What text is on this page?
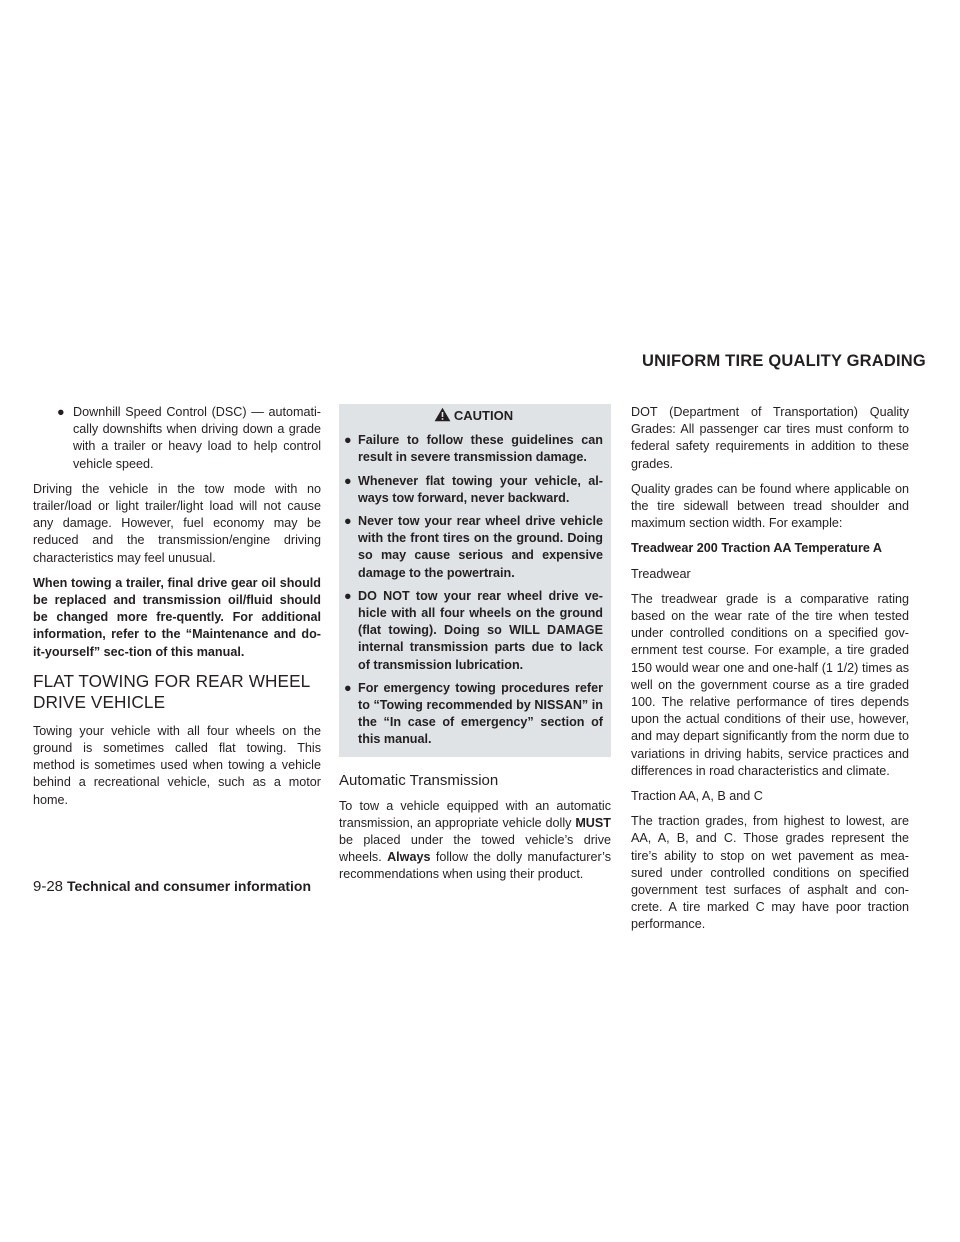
UNIFORM TIRE QUALITY GRADING
● Downhill Speed Control (DSC) — automati-cally downshifts when driving down a grade with a trailer or heavy load to help control vehicle speed.

Driving the vehicle in the tow mode with no trailer/load or light trailer/light load will not cause any damage. However, fuel economy may be reduced and the transmission/engine driving characteristics may feel unusual.

When towing a trailer, final drive gear oil should be replaced and transmission oil/fluid should be changed more fre-quently. For additional information, refer to the “Maintenance and do-it-yourself” sec-tion of this manual.

FLAT TOWING FOR REAR WHEEL DRIVE VEHICLE

Towing your vehicle with all four wheels on the ground is sometimes called flat towing. This method is sometimes used when towing a vehicle behind a recreational vehicle, such as a motor home.

CAUTION
● Failure to follow these guidelines can result in severe transmission damage.
● Whenever flat towing your vehicle, al-ways tow forward, never backward.
● Never tow your rear wheel drive vehicle with the front tires on the ground. Doing so may cause serious and expensive damage to the powertrain.
● DO NOT tow your rear wheel drive ve-hicle with all four wheels on the ground (flat towing). Doing so WILL DAMAGE internal transmission parts due to lack of transmission lubrication.
● For emergency towing procedures refer to “Towing recommended by NISSAN” in the “In case of emergency” section of this manual.
Automatic Transmission

To tow a vehicle equipped with an automatic transmission, an appropriate vehicle dolly MUST be placed under the towed vehicle’s drive wheels. Always follow the dolly manufacturer’s recommendations when using their product.

DOT (Department of Transportation) Quality Grades: All passenger car tires must conform to federal safety requirements in addition to these grades.

Quality grades can be found where applicable on the tire sidewall between tread shoulder and maximum section width. For example:

Treadwear 200 Traction AA Temperature A

Treadwear

The treadwear grade is a comparative rating based on the wear rate of the tire when tested under controlled conditions on a specified gov-ernment test course. For example, a tire graded 150 would wear one and one-half (1 1/2) times as well on the government course as a tire graded 100. The relative performance of tires depends upon the actual conditions of their use, however, and may depart significantly from the norm due to variations in driving habits, service practices and differences in road characteristics and climate.

Traction AA, A, B and C

The traction grades, from highest to lowest, are AA, A, B, and C. Those grades represent the tire’s ability to stop on wet pavement as mea-sured under controlled conditions on specified government test surfaces of asphalt and con-crete. A tire marked C may have poor traction performance.

9-28 Technical and consumer information
